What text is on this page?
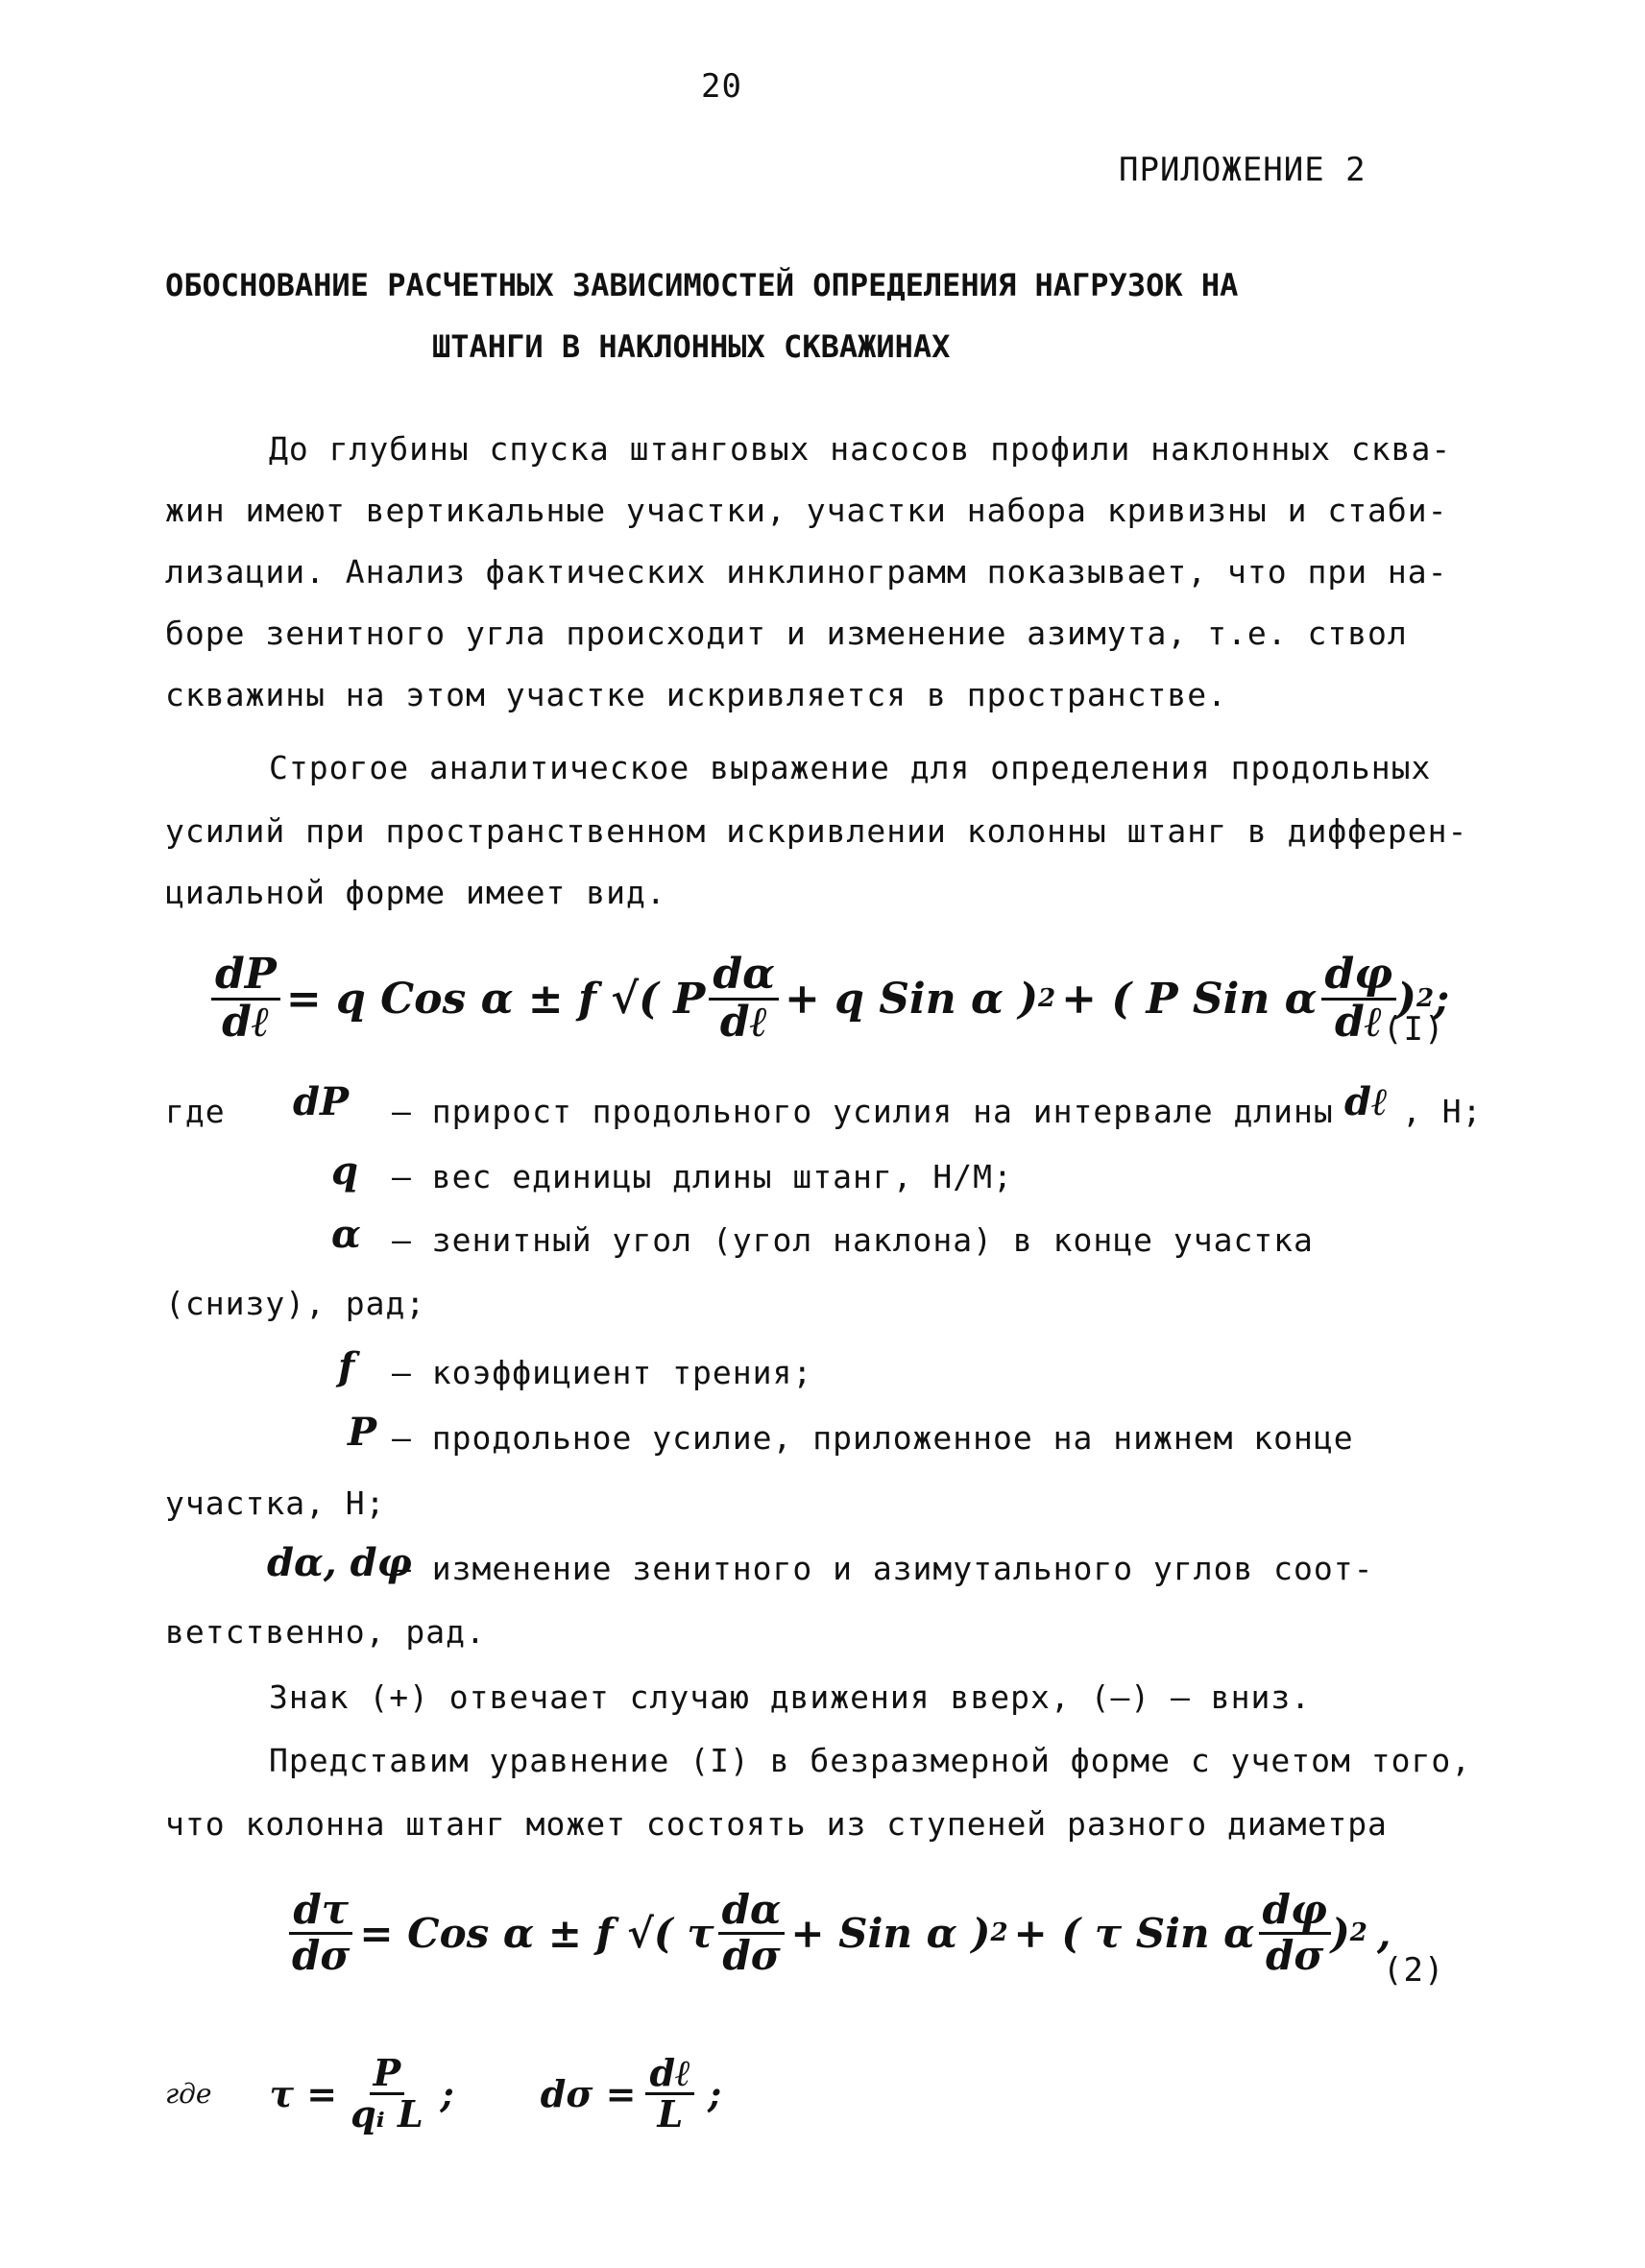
20
ПРИЛОЖЕНИЕ 2
ОБОСНОВАНИЕ РАСЧЕТНЫХ ЗАВИСИМОСТЕЙ ОПРЕДЕЛЕНИЯ НАГРУЗОК НА
ШТАНГИ В НАКЛОННЫХ СКВАЖИНАХ
До глубины спуска штанговых насосов профили наклонных сква-
жин имеют вертикальные участки, участки набора кривизны и стаби-
лизации. Анализ фактических инклинограмм показывает, что при на-
боре зенитного угла происходит и изменение азимута, т.е. ствол
скважины на этом участке искривляется в пространстве.
Строгое аналитическое выражение для определения продольных
усилий при пространственном искривлении колонны штанг в дифферен-
циальной форме имеет вид.
$\frac{dP}{\text{dℓ}} = q$ Cos α ± f √( P $\frac{d\alpha}{\text{dℓ}} + q$ Sin α ) 2 + ( P Sin α $\frac{d\varphi}{\text{dℓ}}$ ) 2 ;
(I)
где dP – прирост продольного усилия на интервале длины dℓ , Н;
q – вес единицы длины штанг, Н/М;
α – зенитный угол (угол наклона) в конце участка
(снизу), рад;
f – коэффициент трения;
P – продольное усилие, приложенное на нижнем конце
участка, Н;
dα, dφ
– изменение зенитного и азимутального углов соот-
ветственно, рад.
Знак (+) отвечает случаю движения вверх, (–) – вниз.
Представим уравнение (I) в безразмерной форме с учетом того,
что колонна штанг может состоять из ступеней разного диаметра
$\frac{d\tau}{d\sigma}$ = Cos α ± f √( τ $\frac{d\alpha}{d\sigma}$ + Sin α ) 2 + ( τ Sin α $\frac{d\varphi}{d\sigma}$ ) 2 ,
(2)
где $\tau = \frac{P}{\text{qᵢ L}}$ ; $d\sigma = \frac{\text{dℓ}}{L}$ ;
